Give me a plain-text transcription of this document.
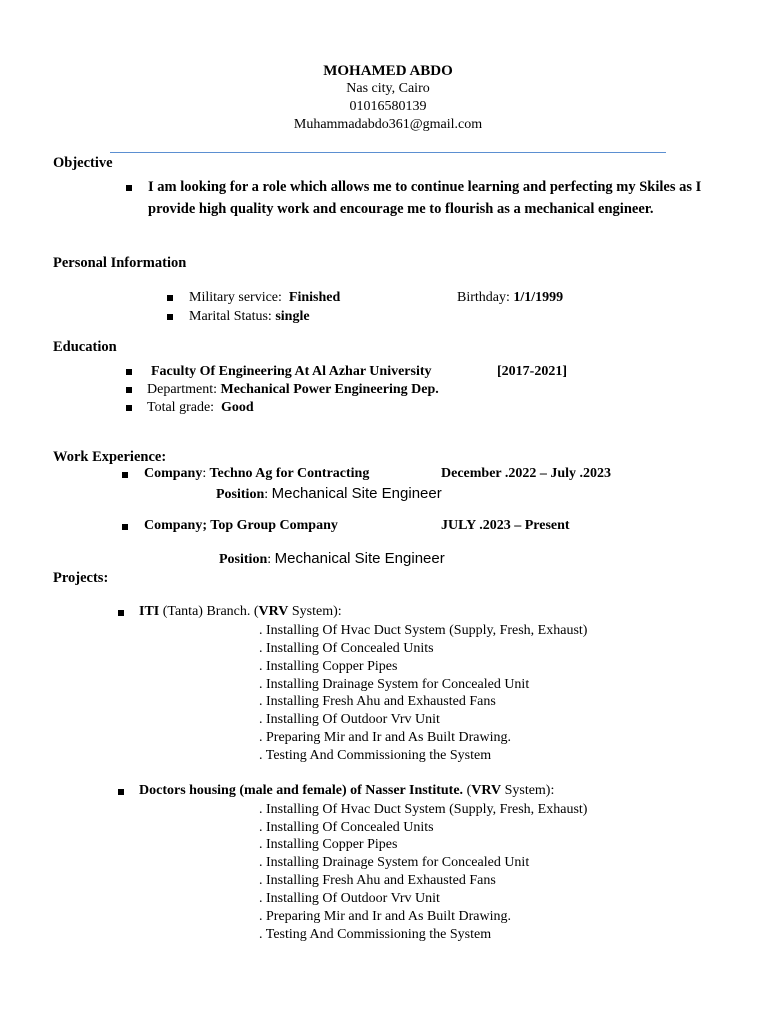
MOHAMED ABDO
Nas city, Cairo
01016580139
Muhammadabdo361@gmail.com
Objective
I am looking for a role which allows me to continue learning and perfecting my Skiles as I
provide high quality work and encourage me to flourish as a mechanical engineer.
Personal Information
Military service: Finished	Birthday: 1/1/1999
Marital Status: single
Education
Faculty Of Engineering At Al Azhar University	[2017-2021]
Department: Mechanical Power Engineering Dep.
Total grade: Good
Work Experience:
Company: Techno Ag for Contracting	December .2022 – July .2023
Position: Mechanical Site Engineer
Company; Top Group Company	JULY .2023 – Present
Position: Mechanical Site Engineer
Projects:
ITI (Tanta) Branch. (VRV System):
. Installing Of Hvac Duct System (Supply, Fresh, Exhaust)
. Installing Of Concealed Units
. Installing Copper Pipes
. Installing Drainage System for Concealed Unit
. Installing Fresh Ahu and Exhausted Fans
. Installing Of Outdoor Vrv Unit
. Preparing Mir and Ir and As Built Drawing.
. Testing And Commissioning the System
Doctors housing (male and female) of Nasser Institute. (VRV System):
. Installing Of Hvac Duct System (Supply, Fresh, Exhaust)
. Installing Of Concealed Units
. Installing Copper Pipes
. Installing Drainage System for Concealed Unit
. Installing Fresh Ahu and Exhausted Fans
. Installing Of Outdoor Vrv Unit
. Preparing Mir and Ir and As Built Drawing.
. Testing And Commissioning the System
